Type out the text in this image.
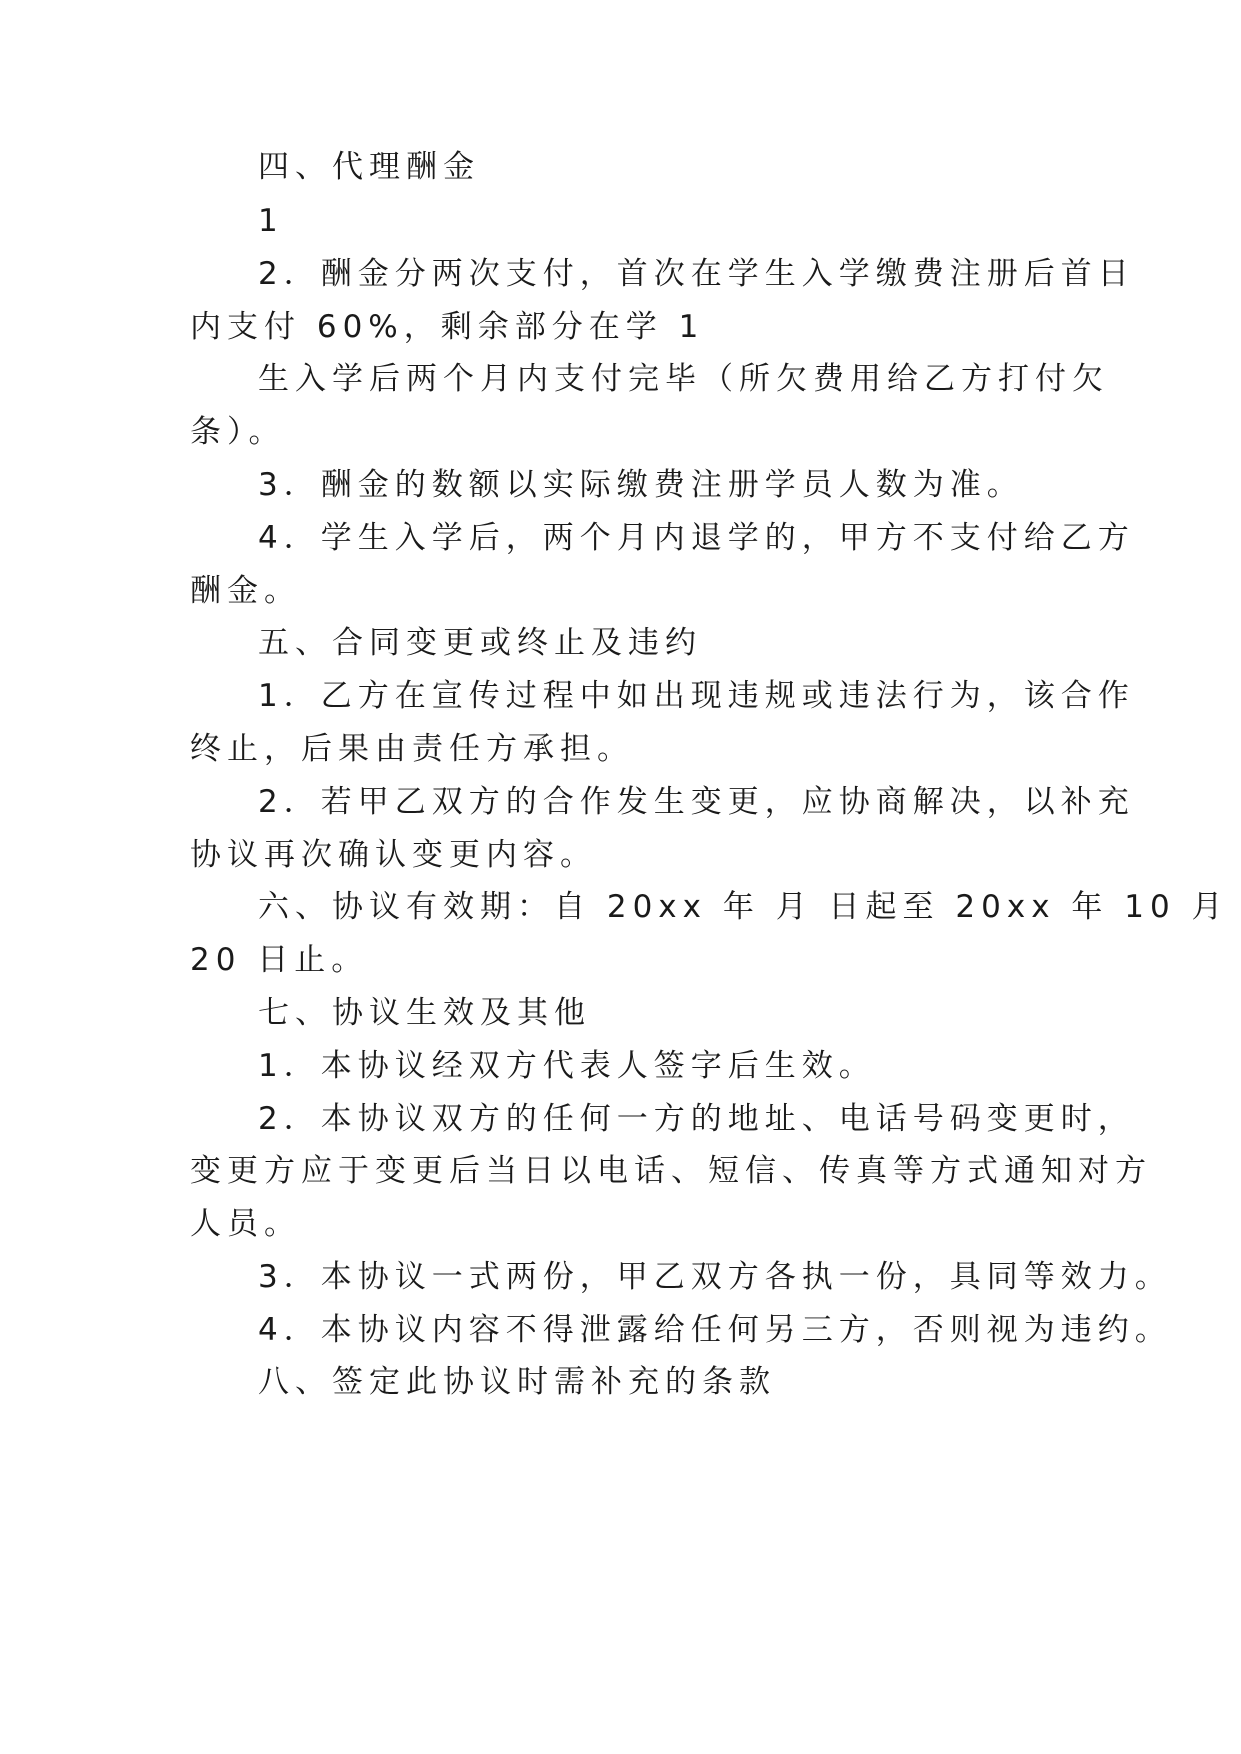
四、代理酬金
1
2．酬金分两次支付，首次在学生入学缴费注册后首日
内支付 60%，剩余部分在学 1
生入学后两个月内支付完毕（所欠费用给乙方打付欠
条）。
3．酬金的数额以实际缴费注册学员人数为准。
4．学生入学后，两个月内退学的，甲方不支付给乙方
酬金。
五、合同变更或终止及违约
1．乙方在宣传过程中如出现违规或违法行为，该合作
终止，后果由责任方承担。
2．若甲乙双方的合作发生变更，应协商解决，以补充
协议再次确认变更内容。
六、协议有效期：自 20xx 年 月 日起至 20xx 年 10 月
20 日止。
七、协议生效及其他
1．本协议经双方代表人签字后生效。
2．本协议双方的任何一方的地址、电话号码变更时，
变更方应于变更后当日以电话、短信、传真等方式通知对方
人员。
3．本协议一式两份，甲乙双方各执一份，具同等效力。
4．本协议内容不得泄露给任何另三方，否则视为违约。
八、签定此协议时需补充的条款
